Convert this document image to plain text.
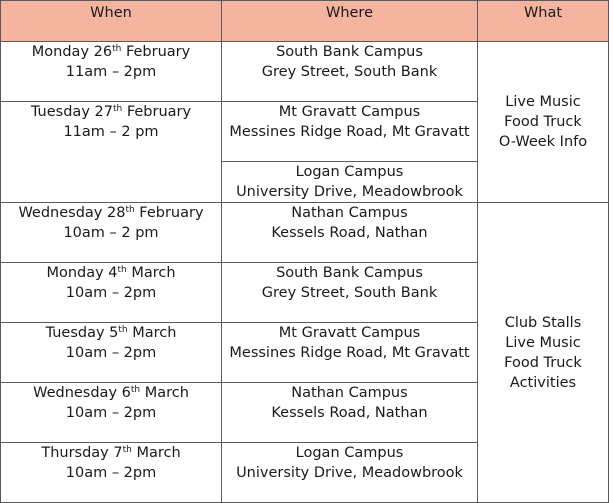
When	Where	What

Monday 26th February
11am – 2pm	South Bank Campus
Grey Street, South Bank	Live Music
Food Truck
O-Week Info

Tuesday 27th February
11am – 2 pm	Mt Gravatt Campus
Messines Ridge Road, Mt Gravatt	

	Logan Campus
University Drive, Meadowbrook	

Wednesday 28th February
10am – 2 pm	Nathan Campus
Kessels Road, Nathan	Club Stalls
Live Music
Food Truck
Activities

Monday 4th March
10am – 2pm	South Bank Campus
Grey Street, South Bank	

Tuesday 5th March
10am – 2pm	Mt Gravatt Campus
Messines Ridge Road, Mt Gravatt	

Wednesday 6th March
10am – 2pm	Nathan Campus
Kessels Road, Nathan	

Thursday 7th March
10am – 2pm	Logan Campus
University Drive, Meadowbrook	
